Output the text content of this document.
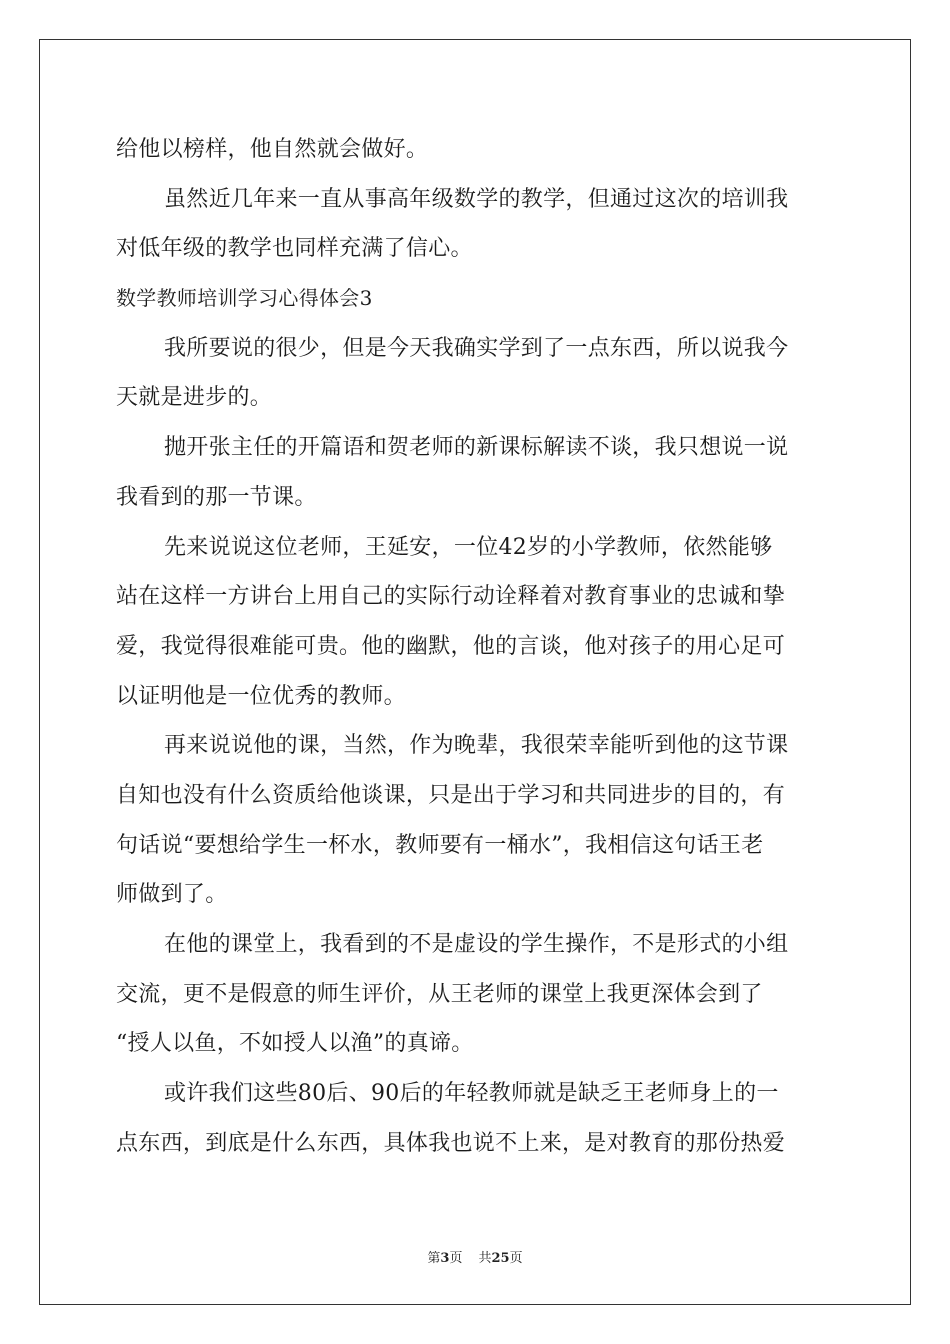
给他以榜样，他自然就会做好。
虽然近几年来一直从事高年级数学的教学，但通过这次的培训我
对低年级的教学也同样充满了信心。
数学教师培训学习心得体会3
我所要说的很少，但是今天我确实学到了一点东西，所以说我今
天就是进步的。
抛开张主任的开篇语和贺老师的新课标解读不谈，我只想说一说
我看到的那一节课。
先来说说这位老师，王延安，一位42岁的小学教师，依然能够
站在这样一方讲台上用自己的实际行动诠释着对教育事业的忠诚和挚
爱，我觉得很难能可贵。他的幽默，他的言谈，他对孩子的用心足可
以证明他是一位优秀的教师。
再来说说他的课，当然，作为晚辈，我很荣幸能听到他的这节课
自知也没有什么资质给他谈课，只是出于学习和共同进步的目的，有
句话说“要想给学生一杯水，教师要有一桶水”，我相信这句话王老
师做到了。
在他的课堂上，我看到的不是虚设的学生操作，不是形式的小组
交流，更不是假意的师生评价，从王老师的课堂上我更深体会到了
“授人以鱼，不如授人以渔”的真谛。
或许我们这些80后、90后的年轻教师就是缺乏王老师身上的一
点东西，到底是什么东西，具体我也说不上来，是对教育的那份热爱
第3页 共25页
